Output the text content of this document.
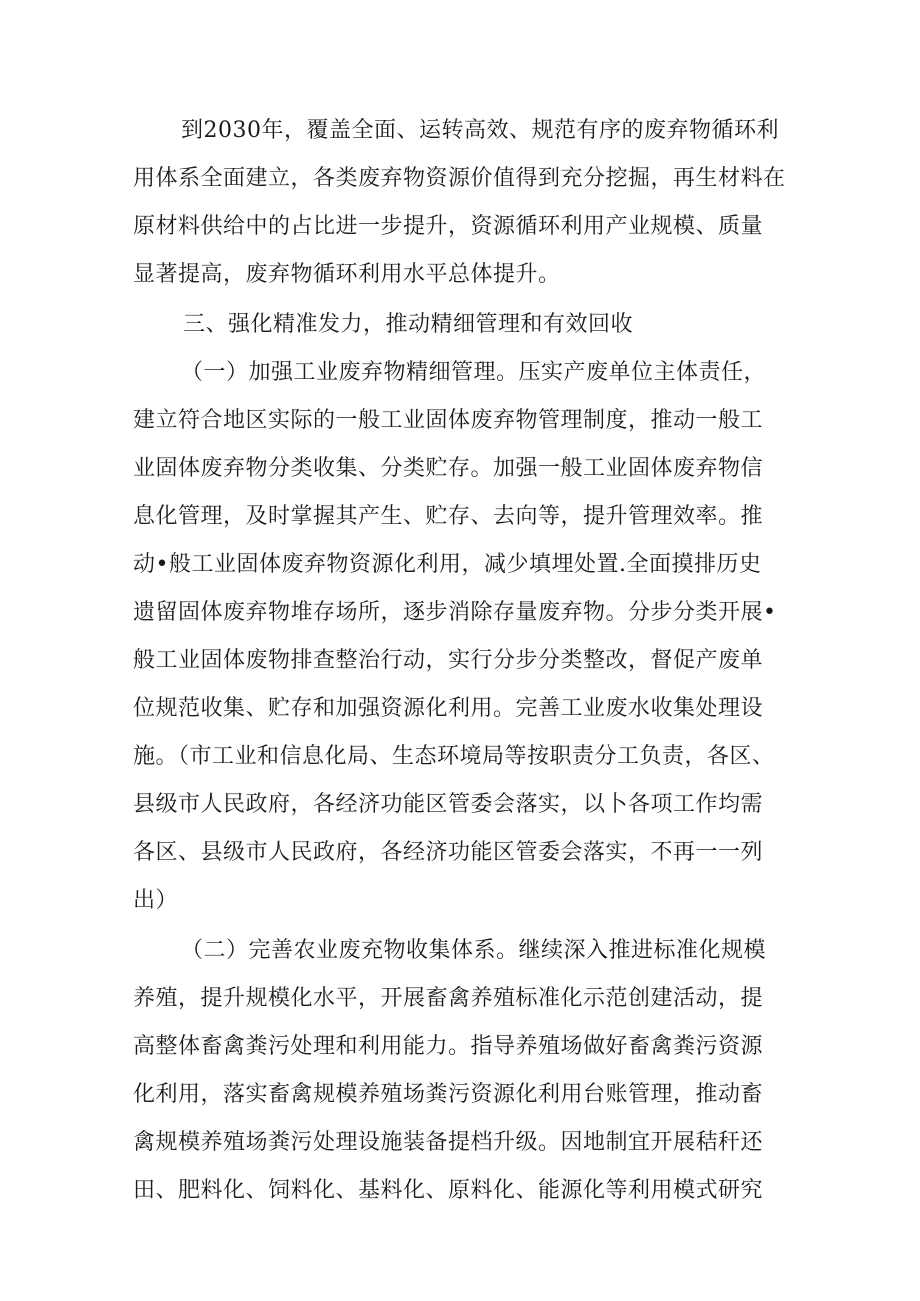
到2030年，覆盖全面、运转高效、规范有序的废弃物循环利
用体系全面建立，各类废弃物资源价值得到充分挖掘，再生材料在
原材料供给中的占比进一步提升，资源循环利用产业规模、质量
显著提高，废弃物循环利用水平总体提升。
三、强化精准发力，推动精细管理和有效回收
（一）加强工业废弃物精细管理。压实产废单位主体责任，
建立符合地区实际的一般工业固体废弃物管理制度，推动一般工
业固体废弃物分类收集、分类贮存。加强一般工业固体废弃物信
息化管理，及时掌握其产生、贮存、去向等，提升管理效率。推
动•般工业固体废弃物资源化利用，减少填埋处置.全面摸排历史
遗留固体废弃物堆存场所，逐步消除存量废弃物。分步分类开展•
般工业固体废物排查整治行动，实行分步分类整改，督促产废单
位规范收集、贮存和加强资源化利用。完善工业废水收集处理设
施。（市工业和信息化局、生态环境局等按职责分工负责，各区、
县级市人民政府，各经济功能区管委会落实，以卜各项工作均需
各区、县级市人民政府，各经济功能区管委会落实，不再一一列
出）
（二）完善农业废充物收集体系。继续深入推进标准化规模
养殖，提升规模化水平，开展畜禽养殖标准化示范创建活动，提
高整体畜禽粪污处理和利用能力。指导养殖场做好畜禽粪污资源
化利用，落实畜禽规模养殖场粪污资源化利用台账管理，推动畜
禽规模养殖场粪污处理设施装备提档升级。因地制宜开展秸秆还
田、肥料化、饲料化、基料化、原料化、能源化等利用模式研究
